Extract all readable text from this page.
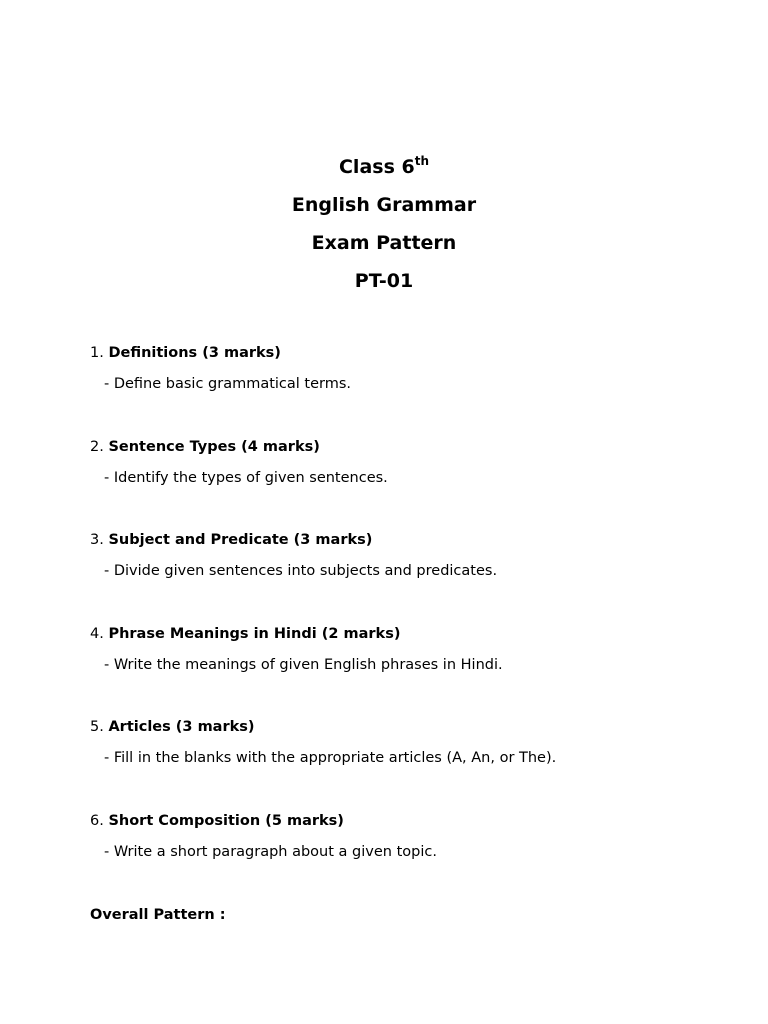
Class 6th
English Grammar
Exam Pattern
PT-01
1. Definitions (3 marks)
- Define basic grammatical terms.
2. Sentence Types (4 marks)
- Identify the types of given sentences.
3. Subject and Predicate (3 marks)
- Divide given sentences into subjects and predicates.
4. Phrase Meanings in Hindi (2 marks)
- Write the meanings of given English phrases in Hindi.
5. Articles (3 marks)
- Fill in the blanks with the appropriate articles (A, An, or The).
6. Short Composition (5 marks)
- Write a short paragraph about a given topic.
Overall Pattern :
